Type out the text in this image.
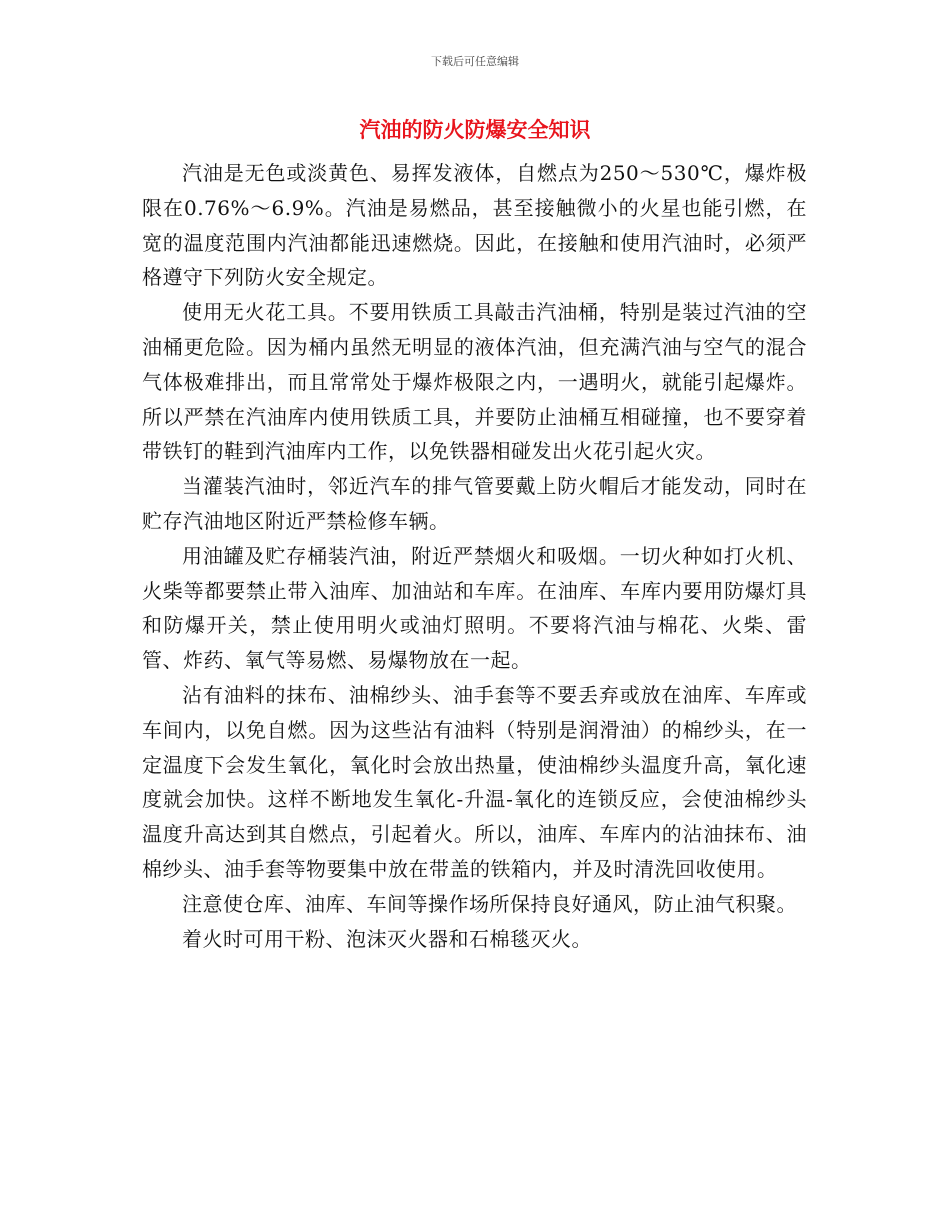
下载后可任意编辑
汽油的防火防爆安全知识

汽油是无色或淡黄色、易挥发液体，自燃点为250～530℃，爆炸极限在0.76%～6.9%。汽油是易燃品，甚至接触微小的火星也能引燃，在宽的温度范围内汽油都能迅速燃烧。因此，在接触和使用汽油时，必须严格遵守下列防火安全规定。

使用无火花工具。不要用铁质工具敲击汽油桶，特别是装过汽油的空油桶更危险。因为桶内虽然无明显的液体汽油，但充满汽油与空气的混合气体极难排出，而且常常处于爆炸极限之内，一遇明火，就能引起爆炸。所以严禁在汽油库内使用铁质工具，并要防止油桶互相碰撞，也不要穿着带铁钉的鞋到汽油库内工作，以免铁器相碰发出火花引起火灾。

当灌装汽油时，邻近汽车的排气管要戴上防火帽后才能发动，同时在贮存汽油地区附近严禁检修车辆。

用油罐及贮存桶装汽油，附近严禁烟火和吸烟。一切火种如打火机、火柴等都要禁止带入油库、加油站和车库。在油库、车库内要用防爆灯具和防爆开关，禁止使用明火或油灯照明。不要将汽油与棉花、火柴、雷管、炸药、氧气等易燃、易爆物放在一起。

沾有油料的抹布、油棉纱头、油手套等不要丢弃或放在油库、车库或车间内，以免自燃。因为这些沾有油料（特别是润滑油）的棉纱头，在一定温度下会发生氧化，氧化时会放出热量，使油棉纱头温度升高，氧化速度就会加快。这样不断地发生氧化-升温-氧化的连锁反应，会使油棉纱头温度升高达到其自燃点，引起着火。所以，油库、车库内的沾油抹布、油棉纱头、油手套等物要集中放在带盖的铁箱内，并及时清洗回收使用。

注意使仓库、油库、车间等操作场所保持良好通风，防止油气积聚。

着火时可用干粉、泡沫灭火器和石棉毯灭火。
